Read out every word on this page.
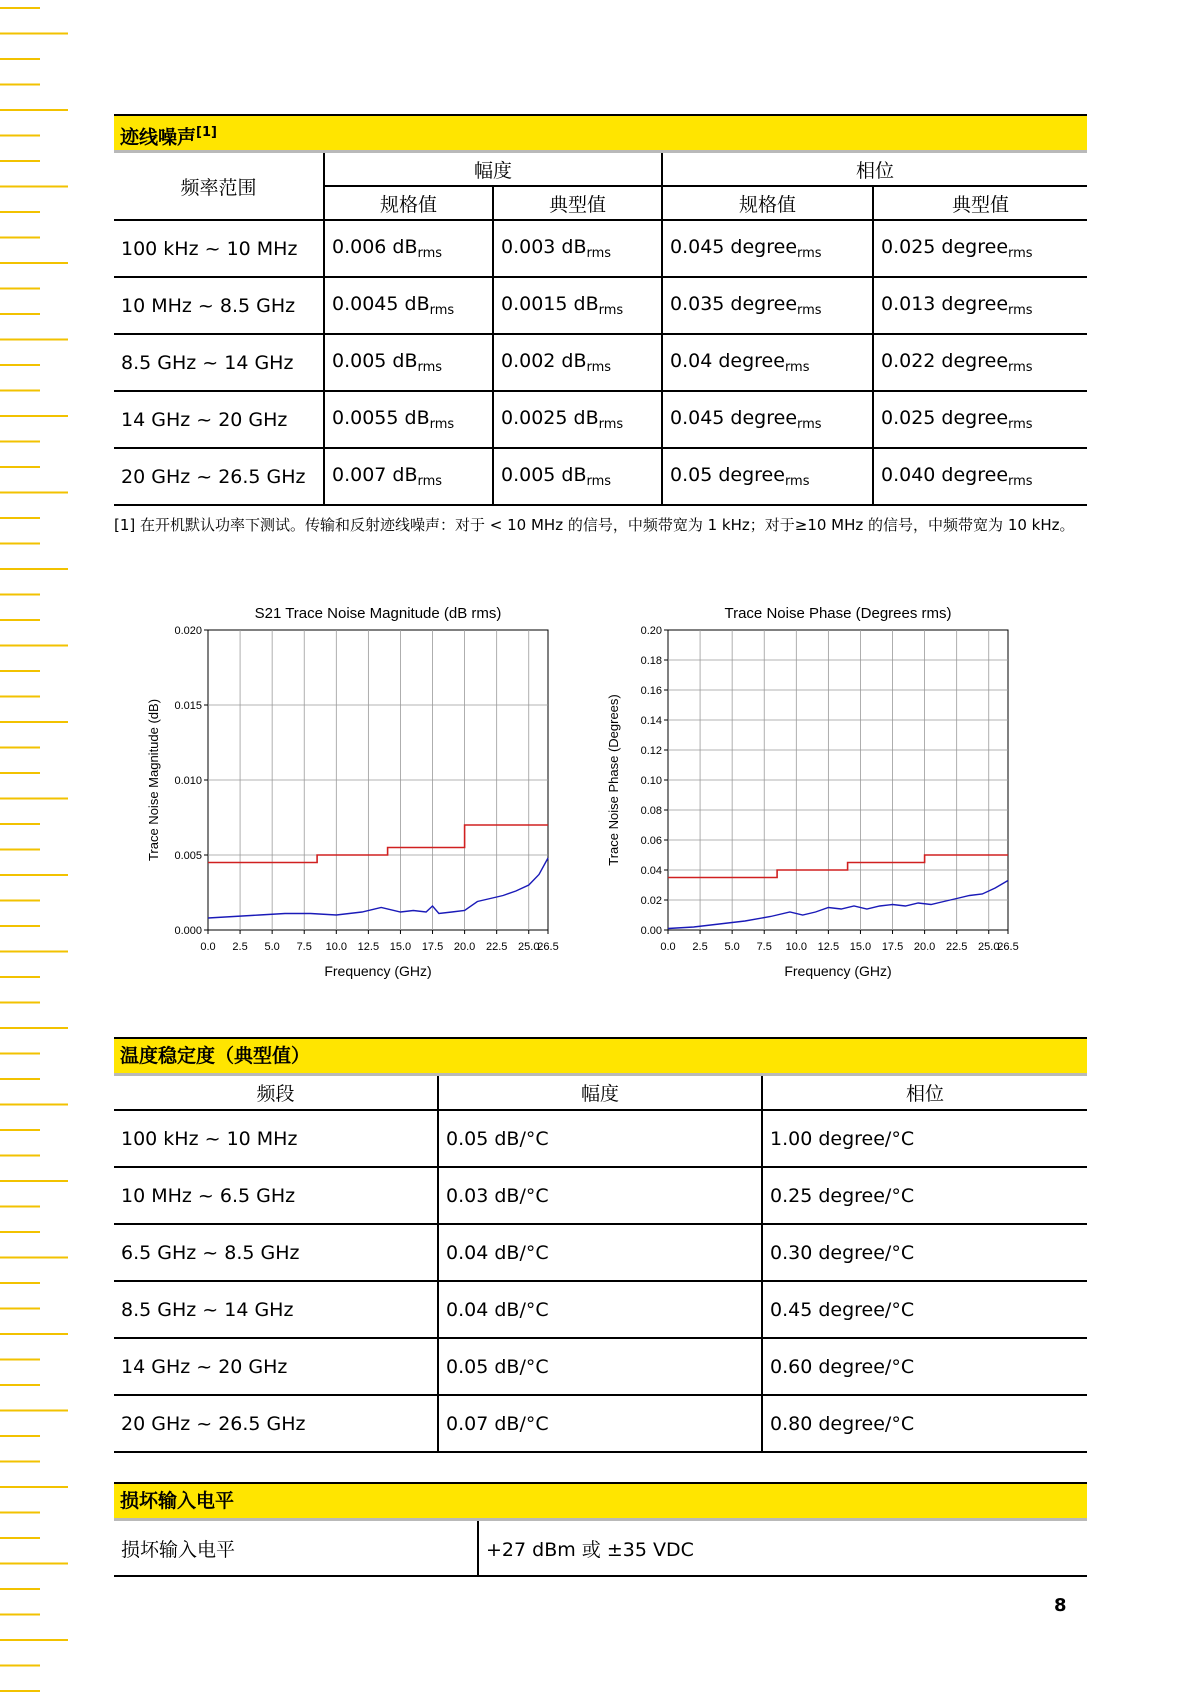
迹线噪声[1]
频率范围	幅度		相位	
	规格值	典型值	规格值	典型值
100 kHz ~ 10 MHz	0.006 $dB_{rms}$	0.003 $dB_{rms}$	0.045 degree$_{rms}$	0.025 degree$_{rms}$
10 MHz ~ 8.5 GHz	0.0045 $dB_{rms}$	0.0015 $dB_{rms}$	0.035 degree$_{rms}$	0.013 degree$_{rms}$
8.5 GHz ~ 14 GHz	0.005 $dB_{rms}$	0.002 $dB_{rms}$	0.04 degree$_{rms}$	0.022 degree$_{rms}$
14 GHz ~ 20 GHz	0.0055 $dB_{rms}$	0.0025 $dB_{rms}$	0.045 degree$_{rms}$	0.025 degree$_{rms}$
20 GHz ~ 26.5 GHz	0.007 $dB_{rms}$	0.005 $dB_{rms}$	0.05 degree$_{rms}$	0.040 degree$_{rms}$
[1] 在开机默认功率下测试。传输和反射迹线噪声：对于 < 10 MHz 的信号，中频带宽为 1 kHz；对于≥10 MHz 的信号，中频带宽为 10 kHz。
0.0 2.5 5.0 7.5 10.0 12.5 15.0 17.5 20.0 22.5 25.0
26.5
0.000
0.005
0.010
0.015
0.020
S21 Trace Noise Magnitude (dB rms)
Frequency (GHz)
Trace Noise Magnitude (dB)
0.0 2.5 5.0 7.5 10.0 12.5 15.0 17.5 20.0 22.5 25.0
26.5
0.00
0.02
0.04
0.06
0.08
0.10
0.12
0.14
0.16
0.18
0.20
Trace Noise Phase (Degrees rms)
Frequency (GHz)
Trace Noise Phase (Degrees)
温度稳定度（典型值）
频段	幅度	相位
100 kHz ~ 10 MHz	0.05 dB/°C	1.00 degree/°C
10 MHz ~ 6.5 GHz	0.03 dB/°C	0.25 degree/°C
6.5 GHz ~ 8.5 GHz	0.04 dB/°C	0.30 degree/°C
8.5 GHz ~ 14 GHz	0.04 dB/°C	0.45 degree/°C
14 GHz ~ 20 GHz	0.05 dB/°C	0.60 degree/°C
20 GHz ~ 26.5 GHz	0.07 dB/°C	0.80 degree/°C
损坏输入电平
损坏输入电平	+27 dBm 或 ±35 VDC
8
